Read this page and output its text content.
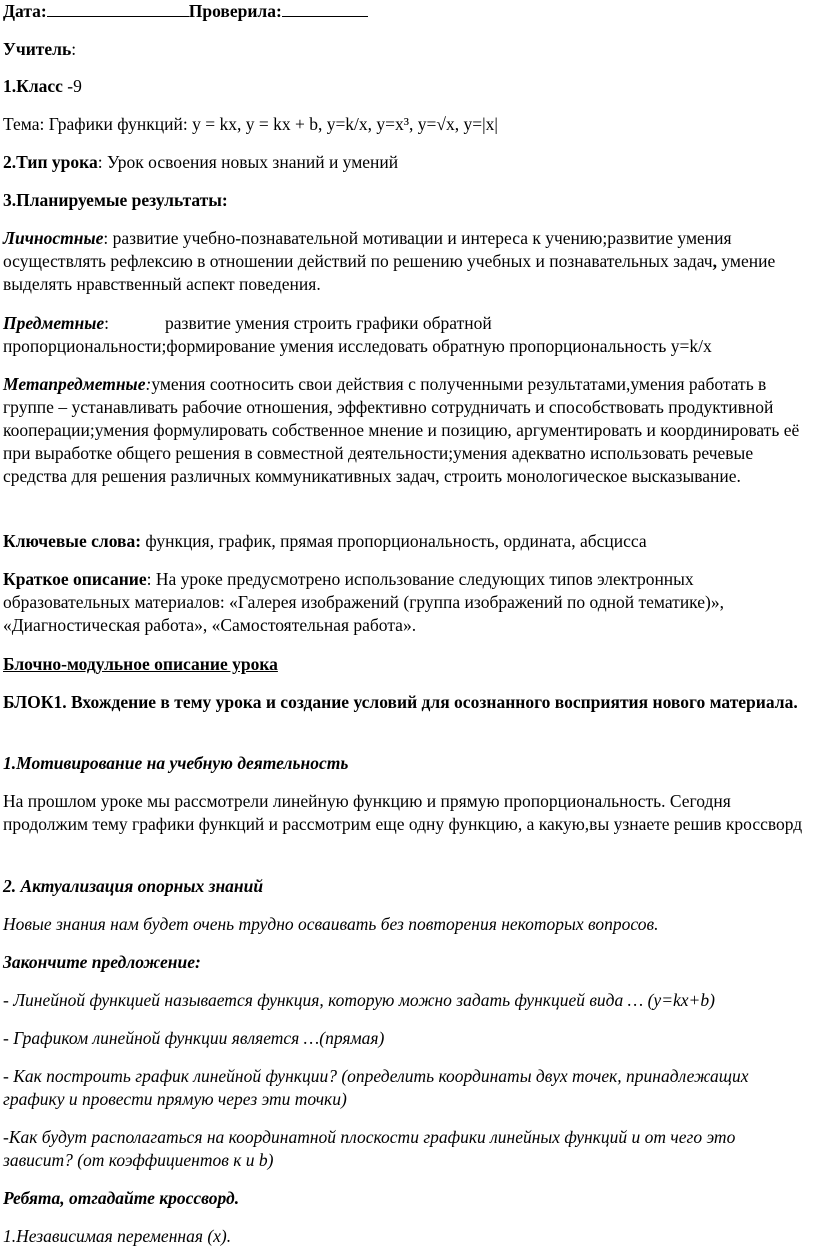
Дата:	Проверила:

Учитель:

1.Класс -9

Тема: Графики функций: y = kx, y = kx + b, y=k/x, y=x³, y=√x, y=|x|

2.Тип урока: Урок освоения новых знаний и умений

3.Планируемые результаты:

Личностные: развитие учебно-познавательной мотивации и интереса к учению;развитие умения осуществлять рефлексию в отношении действий по решению учебных и познавательных задач, умение выделять нравственный аспект поведения.

Предметные:	развитие умения строить графики обратной
пропорциональности;формирование умения исследовать обратную пропорциональность y=k/x

Метапредметные:умения соотносить свои действия с полученными результатами,умения работать в группе – устанавливать рабочие отношения, эффективно сотрудничать и способствовать продуктивной кооперации;умения формулировать собственное мнение и позицию, аргументировать и координировать её при выработке общего решения в совместной деятельности;умения адекватно использовать речевые средства для решения различных коммуникативных задач, строить монологическое высказывание.

Ключевые слова: функция, график, прямая пропорциональность, ордината, абсцисса

Краткое описание: На уроке предусмотрено использование следующих типов электронных образовательных материалов: «Галерея изображений (группа изображений по одной тематике)», «Диагностическая работа», «Самостоятельная работа».

Блочно-модульное описание урока

БЛОК1. Вхождение в тему урока и создание условий для осознанного восприятия нового материала.

1.Мотивирование на учебную деятельность

На прошлом уроке мы рассмотрели линейную функцию и прямую пропорциональность. Сегодня продолжим тему графики функций и рассмотрим еще одну функцию, а какую,вы узнаете решив кроссворд

2. Актуализация опорных знаний

Новые знания нам будет очень трудно осваивать без повторения некоторых вопросов.

Закончите предложение:

- Линейной функцией называется функция, которую можно задать функцией вида … (y=kx+b)

- Графиком линейной функции является …(прямая)

- Как построить график линейной функции? (определить координаты двух точек, принадлежащих графику и провести прямую через эти точки)

-Как будут располагаться на координатной плоскости графики линейных функций и от чего это зависит? (от коэффициентов к и b)

Ребята, отгадайте кроссворд.

1.Независимая переменная (x).
